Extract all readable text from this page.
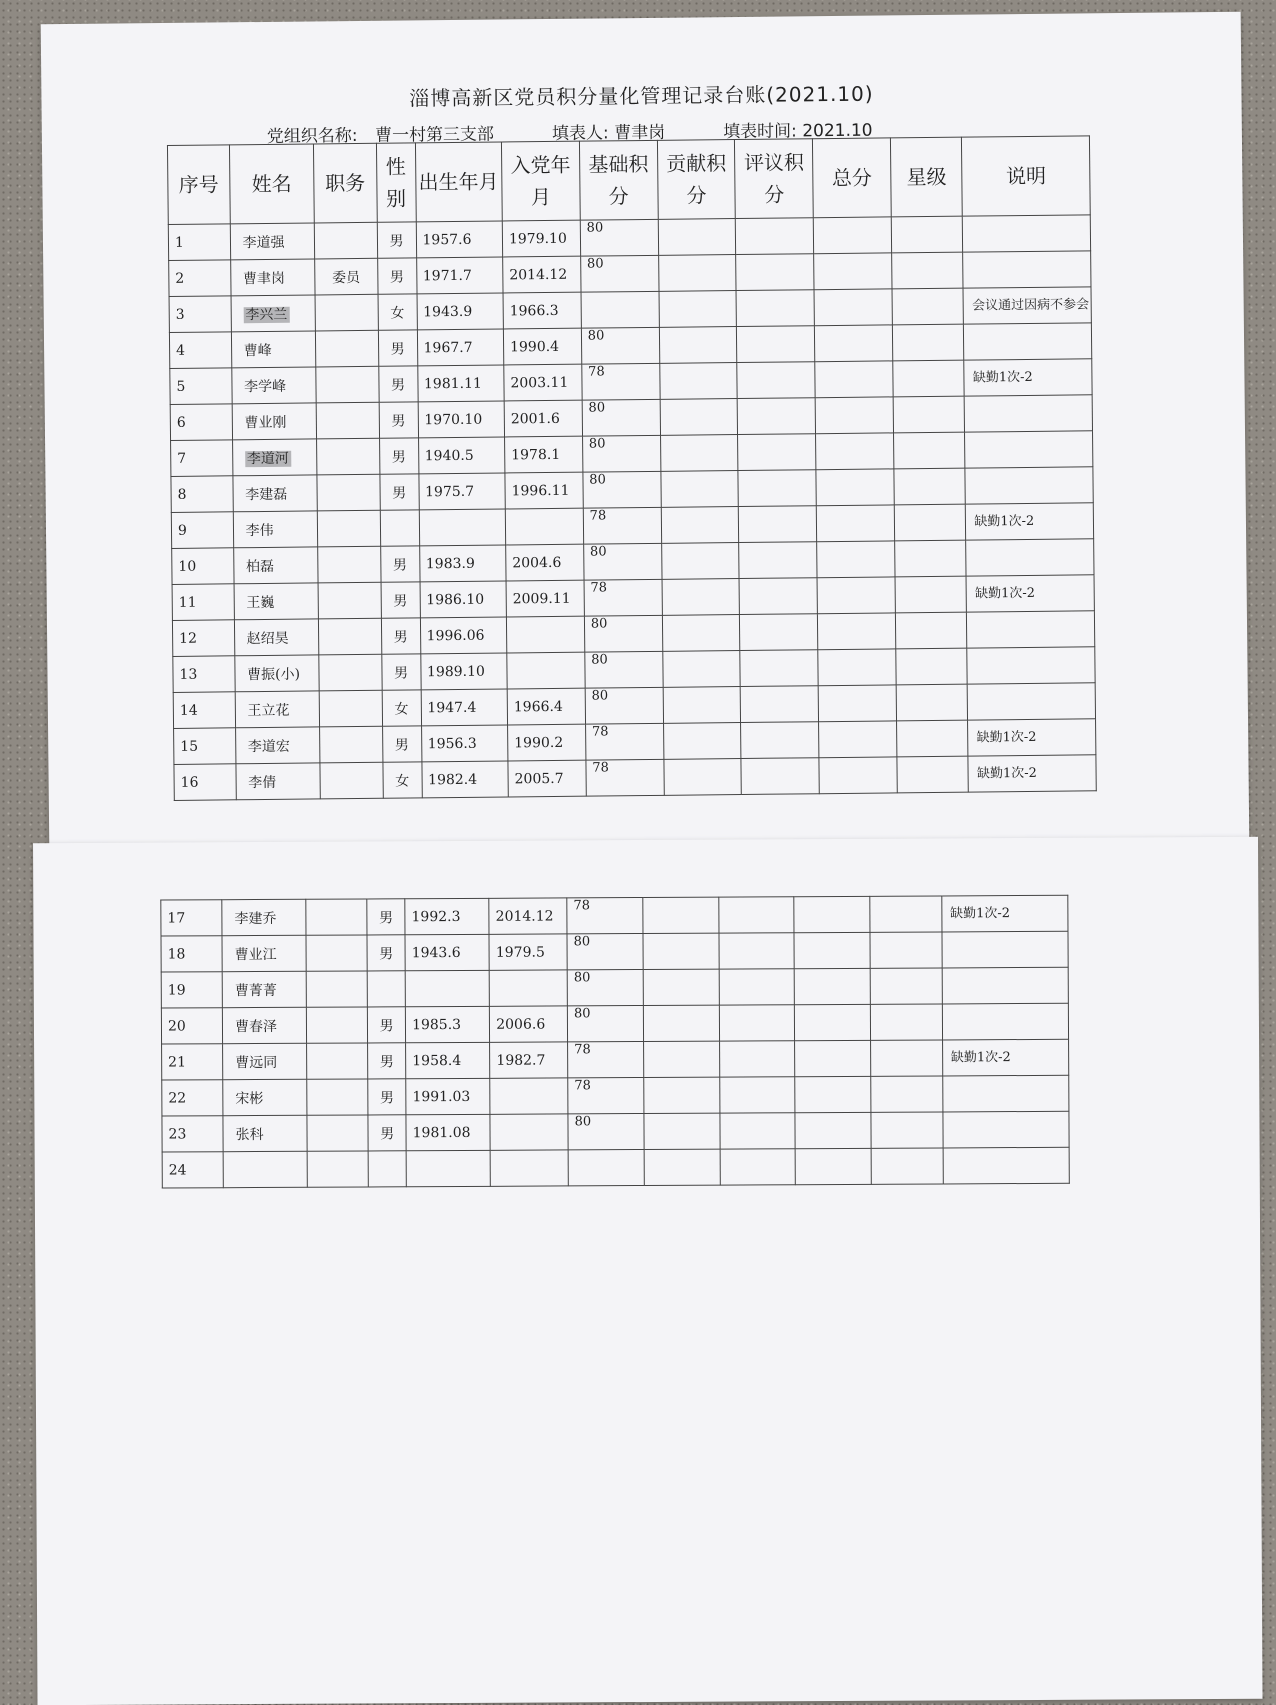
淄博高新区党员积分量化管理记录台账(2021.10)
党组织名称: 曹一村第三支部	填表人: 曹聿岗	填表时间: 2021.10
序号	姓名	职务	性别	出生年月	入党年月	基础积分	贡献积分	评议积分	总分	星级	说明
1	李道强		男	1957.6	1979.10	80					
2	曹聿岗	委员	男	1971.7	2014.12	80					
3	李兴兰		女	1943.9	1966.3						会议通过因病不参会
4	曹峰		男	1967.7	1990.4	80					
5	李学峰		男	1981.11	2003.11	78					缺勤1次-2
6	曹业刚		男	1970.10	2001.6	80					
7	李道河		男	1940.5	1978.1	80					
8	李建磊		男	1975.7	1996.11	80					
9	李伟					78					缺勤1次-2
10	柏磊		男	1983.9	2004.6	80					
11	王巍		男	1986.10	2009.11	78					缺勤1次-2
12	赵绍昊		男	1996.06		80					
13	曹振(小)		男	1989.10		80					
14	王立花		女	1947.4	1966.4	80					
15	李道宏		男	1956.3	1990.2	78					缺勤1次-2
16	李倩		女	1982.4	2005.7	78					缺勤1次-2
17	李建乔		男	1992.3	2014.12	78					缺勤1次-2
18	曹业江		男	1943.6	1979.5	80					
19	曹菁菁					80					
20	曹春泽		男	1985.3	2006.6	80					
21	曹远同		男	1958.4	1982.7	78					缺勤1次-2
22	宋彬		男	1991.03		78					
23	张科		男	1981.08		80					
24											
